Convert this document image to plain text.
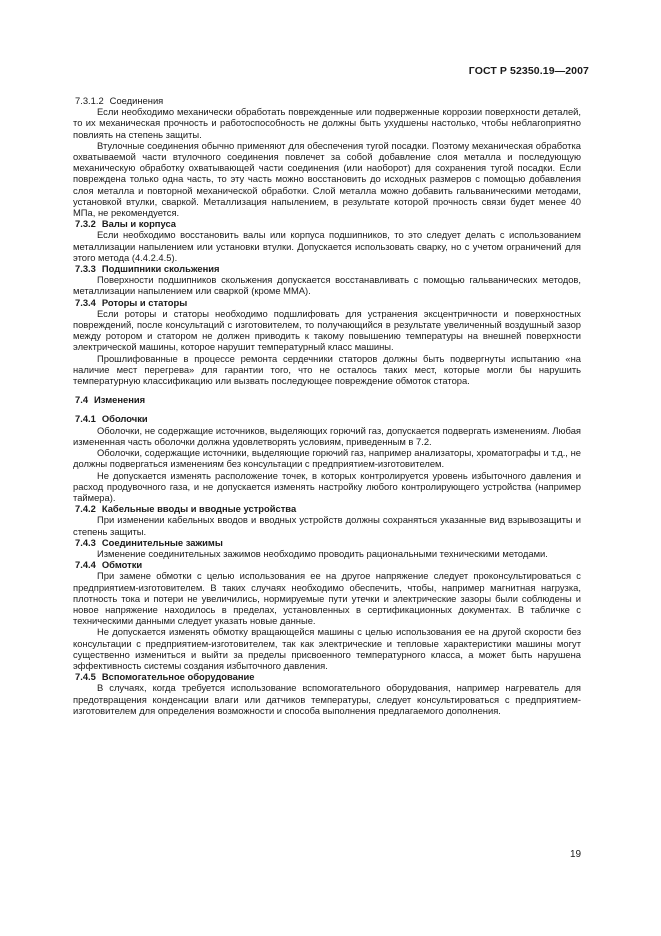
ГОСТ Р 52350.19—2007
7.3.1.2 Соединения

Если необходимо механически обработать поврежденные или подверженные коррозии поверхности деталей, то их механическая прочность и работоспособность не должны быть ухудшены настолько, чтобы неблагоприятно повлиять на степень защиты.

Втулочные соединения обычно применяют для обеспечения тугой посадки. Поэтому механическая обработка охватываемой части втулочного соединения повлечет за собой добавление слоя металла и последующую механическую обработку охватывающей части соединения (или наоборот) для сохранения тугой посадки. Если повреждена только одна часть, то эту часть можно восстановить до исходных размеров с помощью добавления слоя металла и повторной механической обработки. Слой металла можно добавить гальваническими методами, установкой втулки, сваркой. Металлизация напылением, в результате которой прочность связи будет менее 40 МПа, не рекомендуется.

7.3.2 Валы и корпуса

Если необходимо восстановить валы или корпуса подшипников, то это следует делать с использованием металлизации напылением или установки втулки. Допускается использовать сварку, но с учетом ограничений для этого метода (4.4.2.4.5).

7.3.3 Подшипники скольжения

Поверхности подшипников скольжения допускается восстанавливать с помощью гальванических методов, металлизации напылением или сваркой (кроме ММА).

7.3.4 Роторы и статоры

Если роторы и статоры необходимо подшлифовать для устранения эксцентричности и поверхностных повреждений, после консультаций с изготовителем, то получающийся в результате увеличенный воздушный зазор между ротором и статором не должен приводить к такому повышению температуры на внешней поверхности электрической машины, которое нарушит температурный класс машины.

Прошлифованные в процессе ремонта сердечники статоров должны быть подвергнуты испытанию «на наличие мест перегрева» для гарантии того, что не осталось таких мест, которые могли бы нарушить температурную классификацию или вызвать последующее повреждение обмоток статора.

7.4 Изменения
7.4.1 Оболочки

Оболочки, не содержащие источников, выделяющих горючий газ, допускается подвергать изменениям. Любая измененная часть оболочки должна удовлетворять условиям, приведенным в 7.2.

Оболочки, содержащие источники, выделяющие горючий газ, например анализаторы, хроматографы и т.д., не должны подвергаться изменениям без консультации с предприятием-изготовителем.

Не допускается изменять расположение точек, в которых контролируется уровень избыточного давления и расход продувочного газа, и не допускается изменять настройку любого контролирующего устройства (например таймера).

7.4.2 Кабельные вводы и вводные устройства

При изменении кабельных вводов и вводных устройств должны сохраняться указанные вид взрывозащиты и степень защиты.

7.4.3 Соединительные зажимы

Изменение соединительных зажимов необходимо проводить рациональными техническими методами.

7.4.4 Обмотки

При замене обмотки с целью использования ее на другое напряжение следует проконсультироваться с предприятием-изготовителем. В таких случаях необходимо обеспечить, чтобы, например магнитная нагрузка, плотность тока и потери не увеличились, нормируемые пути утечки и электрические зазоры были соблюдены и новое напряжение находилось в пределах, установленных в сертификационных документах. В табличке с техническими данными следует указать новые данные.

Не допускается изменять обмотку вращающейся машины с целью использования ее на другой скорости без консультации с предприятием-изготовителем, так как электрические и тепловые характеристики машины могут существенно измениться и выйти за пределы присвоенного температурного класса, а может быть нарушена эффективность системы создания избыточного давления.

7.4.5 Вспомогательное оборудование

В случаях, когда требуется использование вспомогательного оборудования, например нагреватель для предотвращения конденсации влаги или датчиков температуры, следует консультироваться с предприятием-изготовителем для определения возможности и способа выполнения предлагаемого дополнения.

19
